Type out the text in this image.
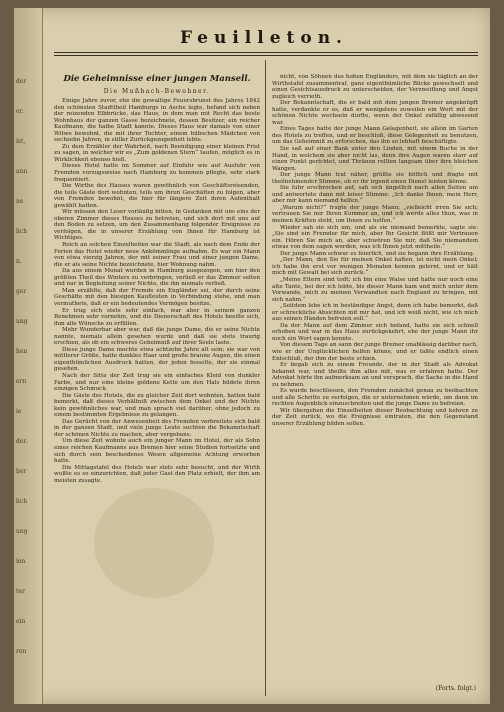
der
er.
ist,
ann
ne
lich
n.
ger
ung
hen
ern
ie
der.
ber
lich
ung
ien
ter
ein
ren
Feuilleton.

Die Geheimnisse einer jungen Mansell.

Die Mußbach-Bewohner.

Einige Jahre zuvor, ehe die gewaltige Feuersbrunst des Jahres 1842 den schönsten Stadttheil Hamburgs in Asche legte, befand sich neben der reizenden Elbbrücke, das Haus, in dem man mit Recht das beste Wohnhaus der ganzen Gasse bezeichnete, dessen Besitzer, ein reicher Kaufmann, die halbe Stadt kannte. Dieses Haus war damals von einer Witwe bewohnt, die mit ihrer Tochter, einem hübschen Mädchen von sechzehn Jahren, in stiller Zurückgezogenheit lebte.

Zu dem Erzähler der Wahrheit, nach Beendigung einer kleinen Frist zu sagen, in welcher wir es „Zum goldenen Stern“ taufen, möglich es in Wirklichkeit ebenso hieß.

Dieses Hotel hatte im Sommer auf Einfuhr wie auf Ausfuhr von Fremden vorzugsweise nach Hamburg zu kommen pflegte, sehr stark frequentiert.

Die Wirthe des Hauses waren gewöhnlich von Geschäftsreisenden, die teils Gäste dort wohnten, teils um ihren Geschäften zu folgen, aber von Fremden bewohnt, die hier für längere Zeit ihren Aufenthalt gewählt hatten.

Wir müssen den Leser vorläufig bitten, in Gedanken mit uns eins der oberen Zimmer dieses Hauses zu betreten, und sich dort mit uns auf den Boden zu setzen, um den Zusammenhang folgender Ereignisse zu verfolgen, die in unserer Erzählung von Ihnen für Hamburg ist Wichtiges.

Reich an solchen Einzelheiten war die Stadt, als nach dem Ende der Ferien das Hotel wieder neue Ankömmlinge aufnahm. Es war ein Mann von etwa vierzig Jahren, der mit seiner Frau und einer jungen Dame, die er als seine Nichte bezeichnete, hier Wohnung nahm.

Da aus einem Monat wurden in Hamburg ausgezogen, um hier den größten Theil des Winters zu verbringen, verließ er das Zimmer selten und nur in Begleitung seiner Nichte, die ihn niemals verließ.

Man erzählte, daß der Fremde ein Engländer sei, der durch seine Geschäfte mit den hiesigen Kaufleuten in Verbindung stehe, und man vermuthete, daß er ein bedeutendes Vermögen besitze.

Er trug sich stets sehr einfach, war aber in seinem ganzen Benehmen sehr vornehm, und die Dienerschaft des Hotels beeilte sich, ihm alle Wünsche zu erfüllen.

Mehr Wunderbar aber war, daß die junge Dame, die er seine Nichte nannte, niemals allein gesehen wurde und daß sie stets traurig erschien, als ob ein schweres Geheimniß auf ihrer Seele laste.

Diese junge Dame mochte etwa achtzehn Jahre alt sein; sie war von mittlerer Größe, hatte dunkles Haar und große braune Augen, die einen eigenthümlichen Ausdruck hatten, der jeden fesselte, der sie einmal gesehen.

Nach der Sitte der Zeit trug sie ein einfaches Kleid von dunkler Farbe, und nur eine kleine goldene Kette um den Hals bildete ihren einzigen Schmuck.

Die Gäste des Hotels, die zu gleicher Zeit dort wohnten, hatten bald bemerkt, daß dieses Verhältniß zwischen dem Onkel und der Nichte kein gewöhnliches war, und man sprach viel darüber, ohne jedoch zu einem bestimmten Ergebnisse zu gelangen.

Das Gerücht von der Anwesenheit des Fremden verbreitete sich bald in der ganzen Stadt, und viele junge Leute suchten die Bekanntschaft der schönen Nichte zu machen, aber vergebens.

Um diese Zeit wohnte auch ein junger Mann im Hotel, der als Sohn eines reichen Kaufmanns aus Bremen hier seine Studien fortsetzte und sich durch sein bescheidenes Wesen allgemeine Achtung erworben hatte.

Die Mittagstafel des Hotels war stets sehr besucht, und der Wirth wußte es so einzurichten, daß jeder Gast den Platz erhielt, der ihm am meisten zusagte.

nicht, von Söhnen des hohen Engländers, mit dem sie täglich an der Wirthstafel zusammentraf, ganz eigenthümliche Blicke gewechselt und einen Gesichtsausdruck zu unterscheiden, der Verzweiflung und Angst zugleich verrieth.

Der Bekanntschaft, die er bald mit dem jungen Bremer angeknüpft hatte, verdankte er es, daß er wenigstens zuweilen ein Wort mit der schönen Nichte wechseln durfte, wenn der Onkel zufällig abwesend war.

Eines Tages hatte der junge Mann Gelegenheit, sie allein im Garten des Hotels zu treffen, und er beschloß, diese Gelegenheit zu benutzen, um das Geheimniß zu erforschen, das ihn so lebhaft beschäftigte.

Sie saß auf einer Bank unter den Linden, mit einem Buche in der Hand, in welchem sie aber nicht las, denn ihre Augen waren starr auf einen Punkt gerichtet, und Thränen rollten langsam über ihre bleichen Wangen.

Der junge Mann trat näher, grüßte sie höflich und fragte mit theilnehmender Stimme, ob er ihr irgend einen Dienst leisten könne.

Sie fuhr erschrocken auf, sah sich ängstlich nach allen Seiten um und antwortete dann mit leiser Stimme: „Ich danke Ihnen, mein Herr, aber mir kann niemand helfen.“

„Warum nicht?“ fragte der junge Mann; „vielleicht irren Sie sich; vertrauen Sie mir Ihren Kummer an, und ich werde alles thun, was in meinen Kräften steht, um Ihnen zu helfen.“

Wieder sah sie sich um, und als sie niemand bemerkte, sagte sie: „Sie sind ein Fremder für mich, aber Ihr Gesicht flößt mir Vertrauen ein. Hören Sie mich an, aber schwören Sie mir, daß Sie niemandem etwas von dem sagen werden, was ich Ihnen jetzt mittheile.“

Der junge Mann schwur es feierlich, und sie begann ihre Erzählung.

„Der Mann, den Sie für meinen Onkel halten, ist nicht mein Onkel; ich habe ihn erst vor wenigen Monaten kennen gelernt, und er hält mich mit Gewalt bei sich zurück.“

„Meine Eltern sind todt; ich bin eine Waise und hatte nur noch eine alte Tante, bei der ich lebte, bis dieser Mann kam und mich unter dem Vorwande, mich zu meinen Verwandten nach England zu bringen, mit sich nahm.“

„Seitdem lebe ich in beständiger Angst, denn ich habe bemerkt, daß er schreckliche Absichten mit mir hat, und ich weiß nicht, wie ich mich aus seinen Händen befreien soll.“

Da der Mann auf dem Zimmer sich befand, hatte sie sich schnell erhoben und war in das Haus zurückgekehrt, ehe der junge Mann ihr noch ein Wort sagen konnte.

Von diesem Tage an sann der junge Bremer unablässig darüber nach, wie er der Unglücklichen helfen könne, und er faßte endlich einen Entschluß, der ihm der beste schien.

Er begab sich zu einem Freunde, der in der Stadt als Advokat bekannt war, und theilte ihm alles mit, was er erfahren hatte. Der Advokat hörte ihn aufmerksam an und versprach, die Sache in die Hand zu nehmen.

Es wurde beschlossen, den Fremden zunächst genau zu beobachten und alle Schritte zu verfolgen, die er unternehmen würde, um dann im rechten Augenblick einzuschreiten und die junge Dame zu befreien.

Wir übergehen die Einzelheiten dieser Beobachtung und kehren zu der Zeit zurück, wo die Ereignisse eintraten, die den Gegenstand unserer Erzählung bilden sollen.

(Forts. folgt.)
